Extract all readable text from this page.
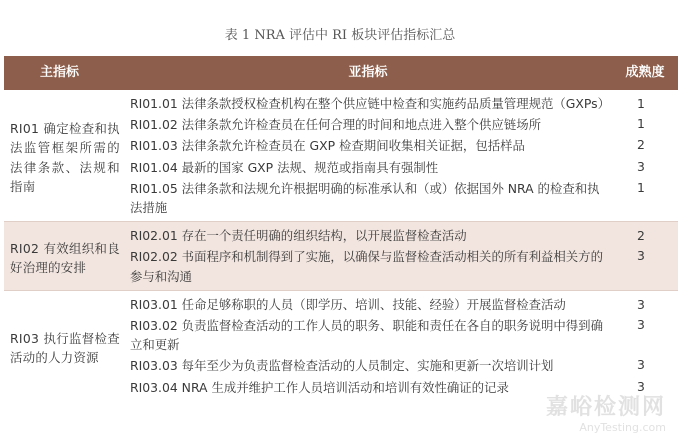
表 1 NRA 评估中 RI 板块评估指标汇总
主指标	亚指标	成熟度
RI01 确定检查和执法监管框架所需的法律条款、法规和指南	RI01.01 法律条款授权检查机构在整个供应链中检查和实施药品质量管理规范（GXPs）	1
	RI01.02 法律条款允许检查员在任何合理的时间和地点进入整个供应链场所	1
	RI01.03 法律条款允许检查员在 GXP 检查期间收集相关证据，包括样品	2
	RI01.04 最新的国家 GXP 法规、规范或指南具有强制性	3
	RI01.05 法律条款和法规允许根据明确的标准承认和（或）依据国外 NRA 的检查和执法措施	1
RI02 有效组织和良好治理的安排	RI02.01 存在一个责任明确的组织结构，以开展监督检查活动	2
	RI02.02 书面程序和机制得到了实施，以确保与监督检查活动相关的所有利益相关方的参与和沟通	3
RI03 执行监督检查活动的人力资源	RI03.01 任命足够称职的人员（即学历、培训、技能、经验）开展监督检查活动	3
	RI03.02 负责监督检查活动的工作人员的职务、职能和责任在各自的职务说明中得到确立和更新	3
	RI03.03 每年至少为负责监督检查活动的人员制定、实施和更新一次培训计划	3
	RI03.04 NRA 生成并维护工作人员培训活动和培训有效性确证的记录	3
嘉峪检测网
AnyTesting.com
